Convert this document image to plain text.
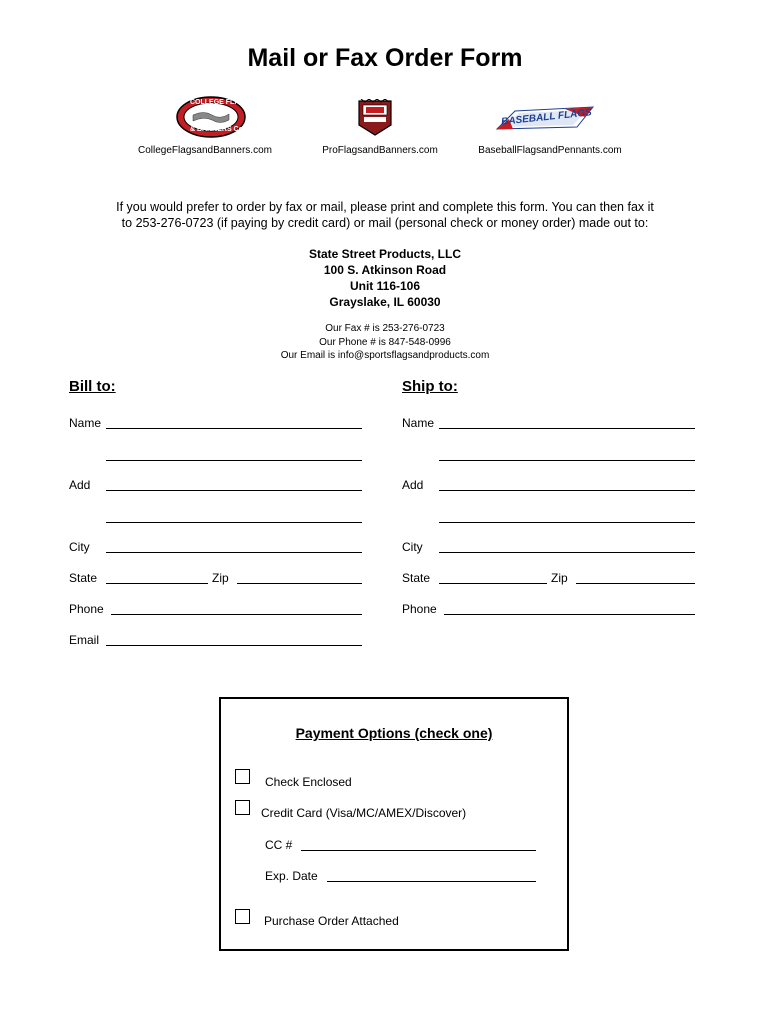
Mail or Fax Order Form
COLLEGE FLAGS
& BANNERS Co
BASEBALL FLAGS
CollegeFlagsandBanners.com	ProFlagsandBanners.com	BaseballFlagsandPennants.com
If you would prefer to order by fax or mail, please print and complete this form. You can then fax it
to 253-276-0723 (if paying by credit card) or mail (personal check or money order) made out to:
State Street Products, LLC
100 S. Atkinson Road
Unit 116-106
Grayslake, IL 60030
Our Fax # is 253-276-0723
Our Phone # is 847-548-0996
Our Email is info@sportsflagsandproducts.com
Bill to:
Name
Add
City
State	Zip
Phone
Email
Ship to:
Name
Add
City
State	Zip
Phone
Payment Options (check one)
Check Enclosed
Credit Card (Visa/MC/AMEX/Discover)
CC #
Exp. Date
Purchase Order Attached
